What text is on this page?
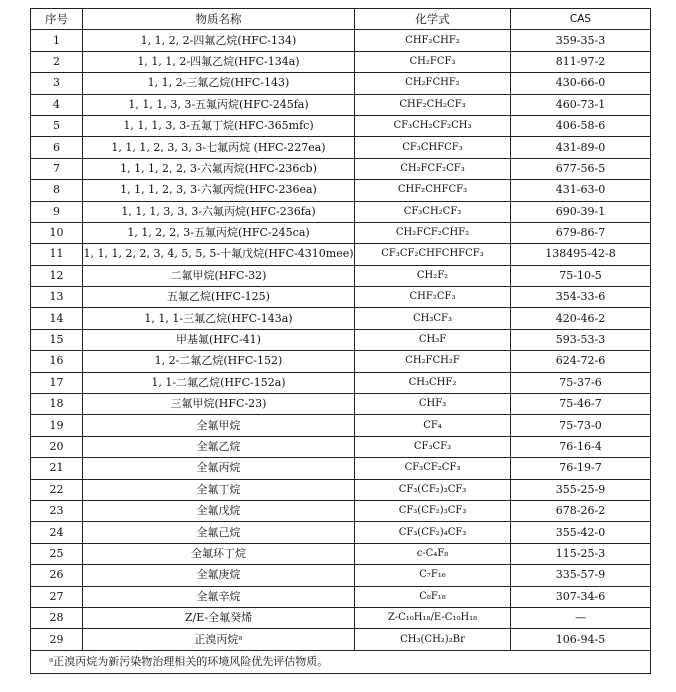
序号	物质名称	化学式	CAS
1	1, 1, 2, 2-四氟乙烷(HFC-134)	CHF₂CHF₂	359-35-3
2	1, 1, 1, 2-四氟乙烷(HFC-134a)	CH₂FCF₃	811-97-2
3	1, 1, 2-三氟乙烷(HFC-143)	CH₂FCHF₂	430-66-0
4	1, 1, 1, 3, 3-五氟丙烷(HFC-245fa)	CHF₂CH₂CF₃	460-73-1
5	1, 1, 1, 3, 3-五氟丁烷(HFC-365mfc)	CF₃CH₂CF₂CH₃	406-58-6
6	1, 1, 1, 2, 3, 3, 3-七氟丙烷 (HFC-227ea)	CF₃CHFCF₃	431-89-0
7	1, 1, 1, 2, 2, 3-六氟丙烷(HFC-236cb)	CH₂FCF₂CF₃	677-56-5
8	1, 1, 1, 2, 3, 3-六氟丙烷(HFC-236ea)	CHF₂CHFCF₃	431-63-0
9	1, 1, 1, 3, 3, 3-六氟丙烷(HFC-236fa)	CF₃CH₂CF₃	690-39-1
10	1, 1, 2, 2, 3-五氟丙烷(HFC-245ca)	CH₂FCF₂CHF₂	679-86-7
11	1, 1, 1, 2, 2, 3, 4, 5, 5, 5-十氟戊烷(HFC-4310mee)	CF₃CF₂CHFCHFCF₃	138495-42-8
12	二氟甲烷(HFC-32)	CH₂F₂	75-10-5
13	五氟乙烷(HFC-125)	CHF₂CF₃	354-33-6
14	1, 1, 1-三氟乙烷(HFC-143a)	CH₃CF₃	420-46-2
15	甲基氟(HFC-41)	CH₃F	593-53-3
16	1, 2-二氟乙烷(HFC-152)	CH₂FCH₂F	624-72-6
17	1, 1-二氟乙烷(HFC-152a)	CH₃CHF₂	75-37-6
18	三氟甲烷(HFC-23)	CHF₃	75-46-7
19	全氟甲烷	CF₄	75-73-0
20	全氟乙烷	CF₃CF₃	76-16-4
21	全氟丙烷	CF₃CF₂CF₃	76-19-7
22	全氟丁烷	CF₃(CF₂)₂CF₃	355-25-9
23	全氟戊烷	CF₃(CF₂)₃CF₃	678-26-2
24	全氟己烷	CF₃(CF₂)₄CF₃	355-42-0
25	全氟环丁烷	c-C₄F₈	115-25-3
26	全氟庚烷	C₇F₁₆	335-57-9
27	全氟辛烷	C₈F₁₈	307-34-6
28	Z/E-全氟癸烯	Z-C₁₀H₁₈/E-C₁₀H₁₈	—
29	正溴丙烷ᵃ	CH₃(CH₂)₂Br	106-94-5
ᵃ正溴丙烷为新污染物治理相关的环境风险优先评估物质。			
